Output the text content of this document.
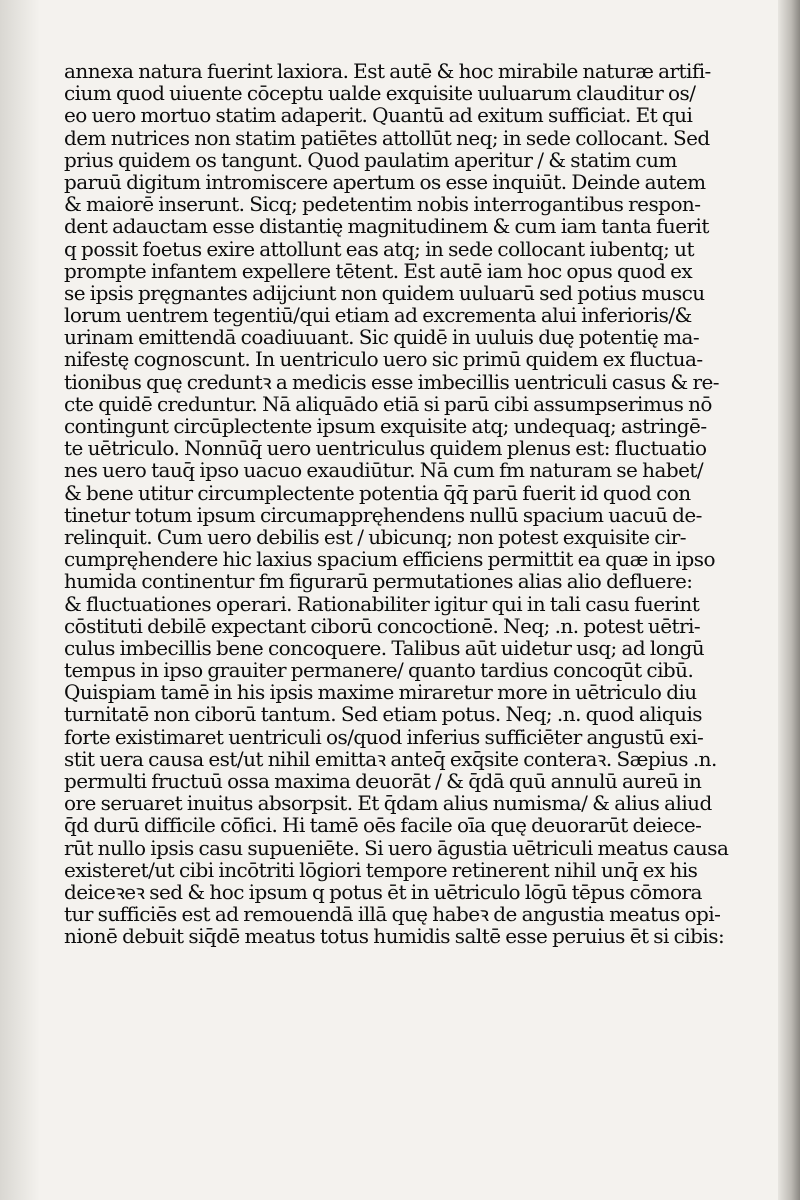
annexa natura fuerint laxiora. Est autē & hoc mirabile naturæ artifi-
cium quod uiuente cōceptu ualde exquisite uuluarum clauditur os/
eo uero mortuo statim adaperit. Quantū ad exitum sufficiat. Et qui
dem nutrices non statim patiētes attollūt neq; in sede collocant. Sed
prius quidem os tangunt. Quod paulatim aperitur / & statim cum
paruū digitum intromiscere apertum os esse inquiūt. Deinde autem
& maiorē inserunt. Sicq; pedetentim nobis interrogantibus respon-
dent adauctam esse distantię magnitudinem & cum iam tanta fuerit
q possit foetus exire attollunt eas atq; in sede collocant iubentq; ut
prompte infantem expellere tētent. Est autē iam hoc opus quod ex
se ipsis pręgnantes adijciunt non quidem uuluarū sed potius muscu
lorum uentrem tegentiū/qui etiam ad excrementa alui inferioris/&
urinam emittendā coadiuuant. Sic quidē in uuluis duę potentię ma-
nifestę cognoscunt. In uentriculo uero sic primū quidem ex fluctua-
tionibus quę creduntꝛ a medicis esse imbecillis uentriculi casus & re-
cte quidē creduntur. Nā aliquādo etiā si parū cibi assumpserimus nō
contingunt circūplectente ipsum exquisite atq; undequaq; astringē-
te uētriculo. Nonnūq̄ uero uentriculus quidem plenus est: fluctuatio
nes uero tauq̄ ipso uacuo exaudiūtur. Nā cum fm naturam se habet/
& bene utitur circumplectente potentia q̄q̄ parū fuerit id quod con
tinetur totum ipsum circumappręhendens nullū spacium uacuū de-
relinquit. Cum uero debilis est / ubicunq; non potest exquisite cir-
cumpręhendere hic laxius spacium efficiens permittit ea quæ in ipso
humida continentur fm figurarū permutationes alias alio defluere:
& fluctuationes operari. Rationabiliter igitur qui in tali casu fuerint
cōstituti debilē expectant ciborū concoctionē. Neq; .n. potest uētri-
culus imbecillis bene concoquere. Talibus aūt uidetur usq; ad longū
tempus in ipso grauiter permanere/ quanto tardius concoqūt cibū.
Quispiam tamē in his ipsis maxime miraretur more in uētriculo diu
turnitatē non ciborū tantum. Sed etiam potus. Neq; .n. quod aliquis
forte existimaret uentriculi os/quod inferius sufficiēter angustū exi-
stit uera causa est/ut nihil emittaꝛ anteq̄ exq̄site conteraꝛ. Sæpius .n.
permulti fructuū ossa maxima deuorāt / & q̄dā quū annulū aureū in
ore seruaret inuitus absorpsit. Et q̄dam alius numisma/ & alius aliud
q̄d durū difficile cōfici. Hi tamē oēs facile oīa quę deuorarūt deiece-
rūt nullo ipsis casu supueniēte. Si uero āgustia uētriculi meatus causa
existeret/ut cibi incōtriti lōgiori tempore retinerent nihil unq̄ ex his
deiceꝛeꝛ sed & hoc ipsum q potus ēt in uētriculo lōgū tēpus cōmora
tur sufficiēs est ad remouendā illā quę habeꝛ de angustia meatus opi-
nionē debuit siq̄dē meatus totus humidis saltē esse peruius ēt si cibis:
